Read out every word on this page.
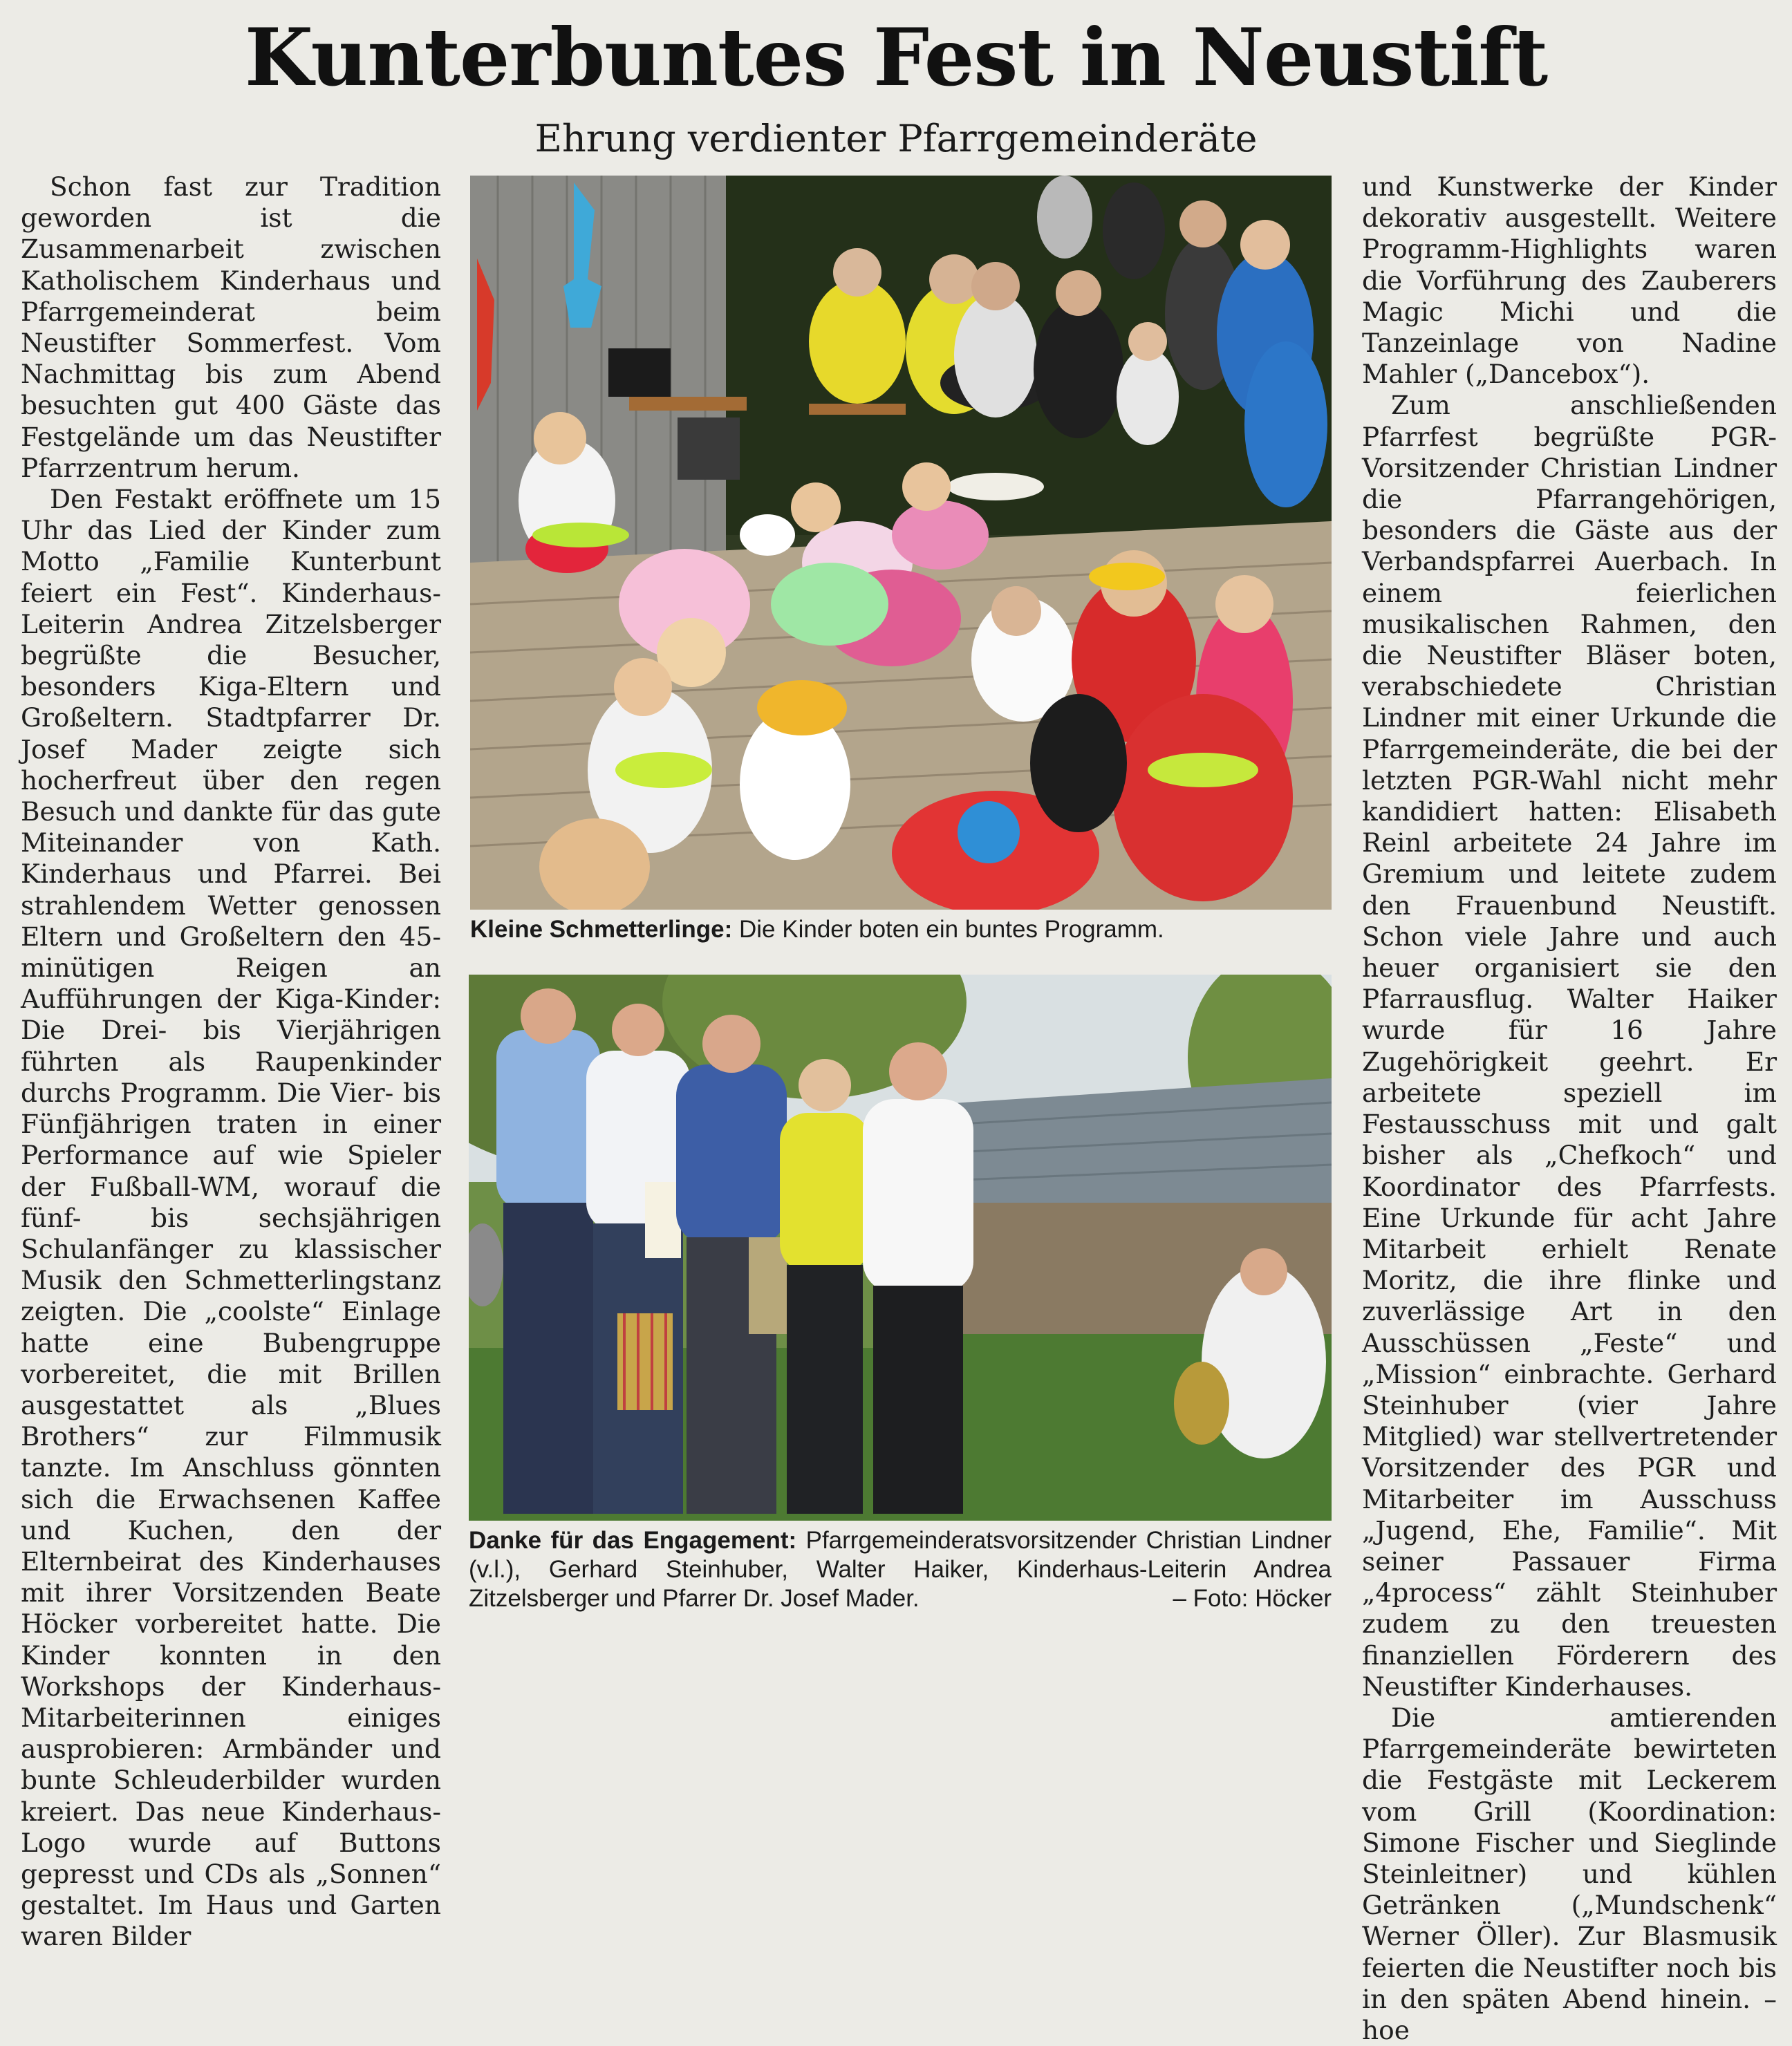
Kunterbuntes Fest in Neustift
Ehrung verdienter Pfarrgemeinderäte

Schon fast zur Tradition geworden ist die Zusammenarbeit zwischen Katholischem Kinderhaus und Pfarrgemeinderat beim Neustifter Sommerfest. Vom Nachmittag bis zum Abend besuchten gut 400 Gäste das Festgelände um das Neustifter Pfarrzentrum herum.

Den Festakt eröffnete um 15 Uhr das Lied der Kinder zum Motto „Familie Kunterbunt feiert ein Fest“. Kinderhaus-Leiterin Andrea Zitzelsberger begrüßte die Besucher, besonders Kiga-Eltern und Großeltern. Stadtpfarrer Dr. Josef Mader zeigte sich hocherfreut über den regen Besuch und dankte für das gute Miteinander von Kath. Kinderhaus und Pfarrei. Bei strahlendem Wetter genossen Eltern und Großeltern den 45-minütigen Reigen an Aufführungen der Kiga-Kinder: Die Drei- bis Vierjährigen führten als Raupenkinder durchs Programm. Die Vier- bis Fünfjährigen traten in einer Performance auf wie Spieler der Fußball-WM, worauf die fünf- bis sechsjährigen Schulanfänger zu klassischer Musik den Schmetterlingstanz zeigten. Die „coolste“ Einlage hatte eine Bubengruppe vorbereitet, die mit Brillen ausgestattet als „Blues Brothers“ zur Filmmusik tanzte. Im Anschluss gönnten sich die Erwachsenen Kaffee und Kuchen, den der Elternbeirat des Kinderhauses mit ihrer Vorsitzenden Beate Höcker vorbereitet hatte. Die Kinder konnten in den Workshops der Kinderhaus-Mitarbeiterinnen einiges ausprobieren: Armbänder und bunte Schleuderbilder wurden kreiert. Das neue Kinderhaus-Logo wurde auf Buttons gepresst und CDs als „Sonnen“ gestaltet. Im Haus und Garten waren Bilder

Kleine Schmetterlinge: Die Kinder boten ein buntes Programm.
Danke für das Engagement: Pfarrgemeinderatsvorsitzender Christian Lindner (v.l.), Gerhard Steinhuber, Walter Haiker, Kinderhaus-Leiterin Andrea Zitzelsberger und Pfarrer Dr. Josef Mader.	– Foto: Höcker

und Kunstwerke der Kinder dekorativ ausgestellt. Weitere Programm-Highlights waren die Vorführung des Zauberers Magic Michi und die Tanzeinlage von Nadine Mahler („Dancebox“).

Zum anschließenden Pfarrfest begrüßte PGR-Vorsitzender Christian Lindner die Pfarrangehörigen, besonders die Gäste aus der Verbandspfarrei Auerbach. In einem feierlichen musikalischen Rahmen, den die Neustifter Bläser boten, verabschiedete Christian Lindner mit einer Urkunde die Pfarrgemeinderäte, die bei der letzten PGR-Wahl nicht mehr kandidiert hatten: Elisabeth Reinl arbeitete 24 Jahre im Gremium und leitete zudem den Frauenbund Neustift. Schon viele Jahre und auch heuer organisiert sie den Pfarrausflug. Walter Haiker wurde für 16 Jahre Zugehörigkeit geehrt. Er arbeitete speziell im Festausschuss mit und galt bisher als „Chefkoch“ und Koordinator des Pfarrfests. Eine Urkunde für acht Jahre Mitarbeit erhielt Renate Moritz, die ihre flinke und zuverlässige Art in den Ausschüssen „Feste“ und „Mission“ einbrachte. Gerhard Steinhuber (vier Jahre Mitglied) war stellvertretender Vorsitzender des PGR und Mitarbeiter im Ausschuss „Jugend, Ehe, Familie“. Mit seiner Passauer Firma „4process“ zählt Steinhuber zudem zu den treuesten finanziellen Förderern des Neustifter Kinderhauses.

Die amtierenden Pfarrgemeinderäte bewirteten die Festgäste mit Leckerem vom Grill (Koordination: Simone Fischer und Sieglinde Steinleitner) und kühlen Getränken („Mundschenk“ Werner Öller). Zur Blasmusik feierten die Neustifter noch bis in den späten Abend hinein. – hoe
